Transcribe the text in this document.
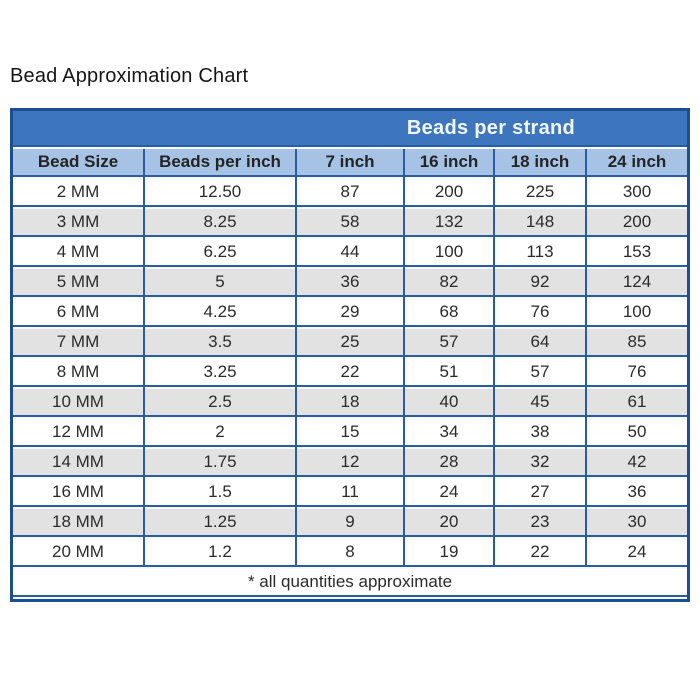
Bead Approximation Chart
Beads per strand
Bead Size	Beads per inch	7 inch	16 inch	18 inch	24 inch
2 MM	12.50	87	200	225	300
3 MM	8.25	58	132	148	200
4 MM	6.25	44	100	113	153
5 MM	5	36	82	92	124
6 MM	4.25	29	68	76	100
7 MM	3.5	25	57	64	85
8 MM	3.25	22	51	57	76
10 MM	2.5	18	40	45	61
12 MM	2	15	34	38	50
14 MM	1.75	12	28	32	42
16 MM	1.5	11	24	27	36
18 MM	1.25	9	20	23	30
20 MM	1.2	8	19	22	24
* all quantities approximate
